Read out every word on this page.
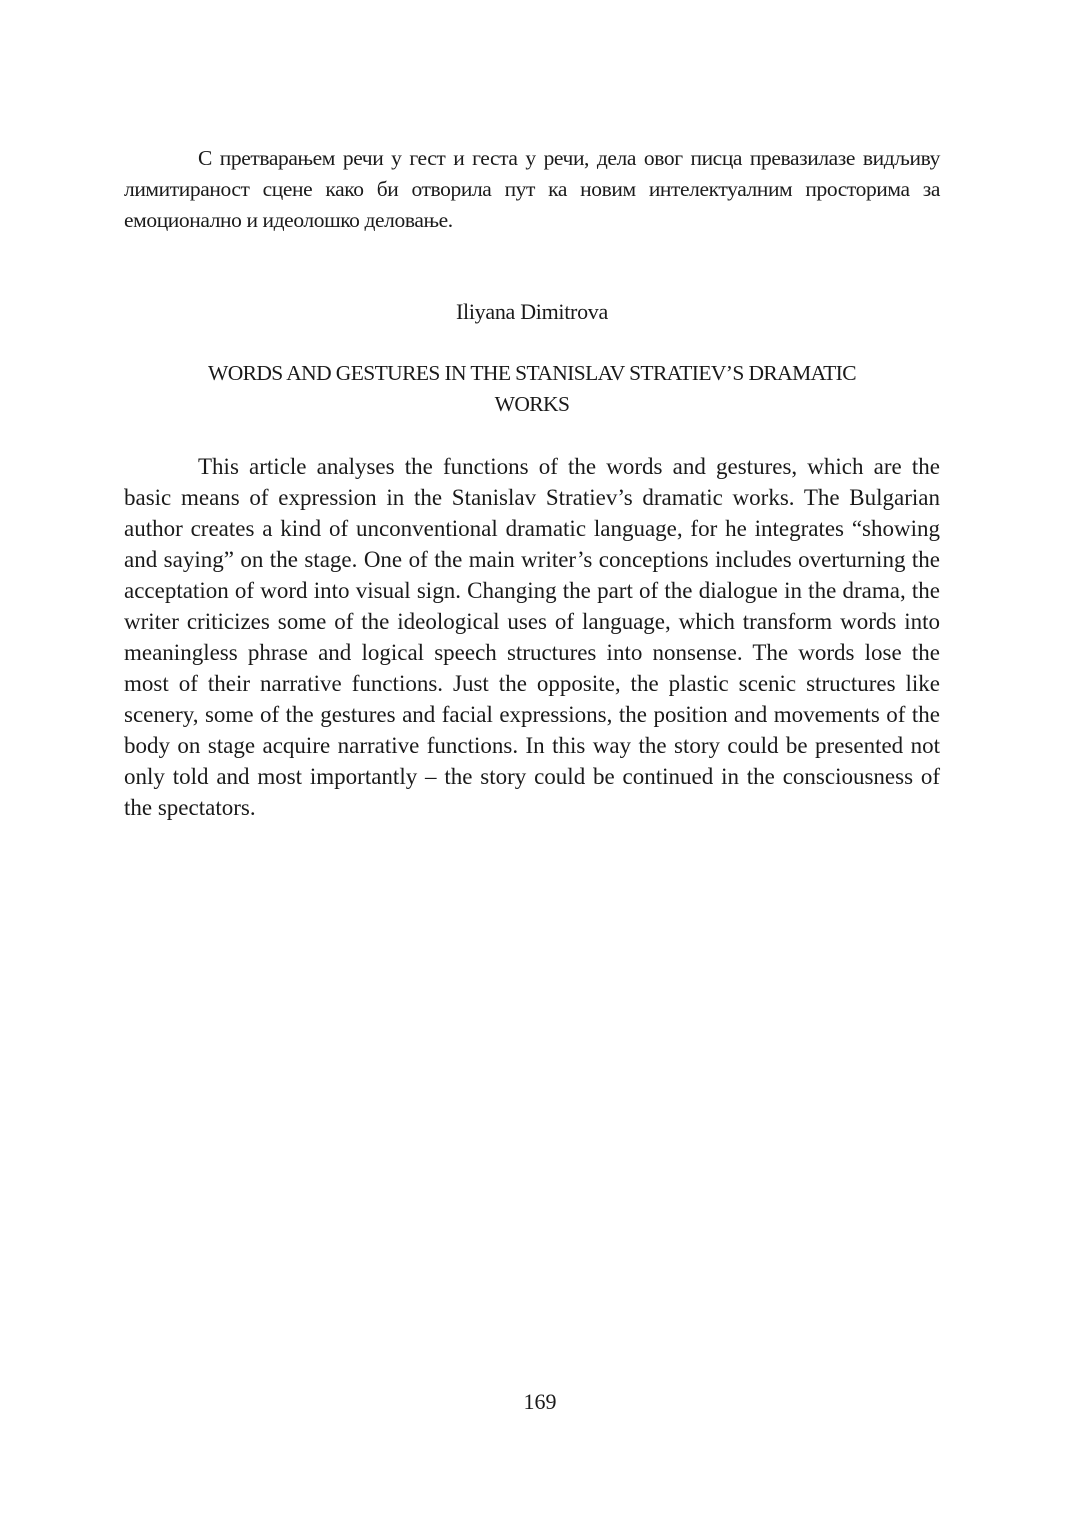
С претварањем речи у гест и геста у речи, дела овог писца превазилазе видљиву лимитираност сцене како би отворила пут ка новим интелектуалним просторима за емоционално и идеолошко деловање.

Iliyana Dimitrova

WORDS AND GESTURES IN THE STANISLAV STRATIEV’S DRAMATIC
WORKS

This article analyses the functions of the words and gestures, which are the basic means of expression in the Stanislav Stratiev’s dramatic works. The Bulgarian author creates a kind of unconventional dramatic language, for he integrates “showing and saying” on the stage. One of the main writer’s conceptions includes overturning the acceptation of word into visual sign. Changing the part of the dialogue in the drama, the writer criticizes some of the ideological uses of language, which transform words into meaningless phrase and logical speech structures into nonsense. The words lose the most of their narrative functions. Just the opposite, the plastic scenic structures like scenery, some of the gestures and facial expressions, the position and movements of the body on stage acquire narrative functions. In this way the story could be presented not only told and most importantly – the story could be continued in the consciousness of the spectators.

169
